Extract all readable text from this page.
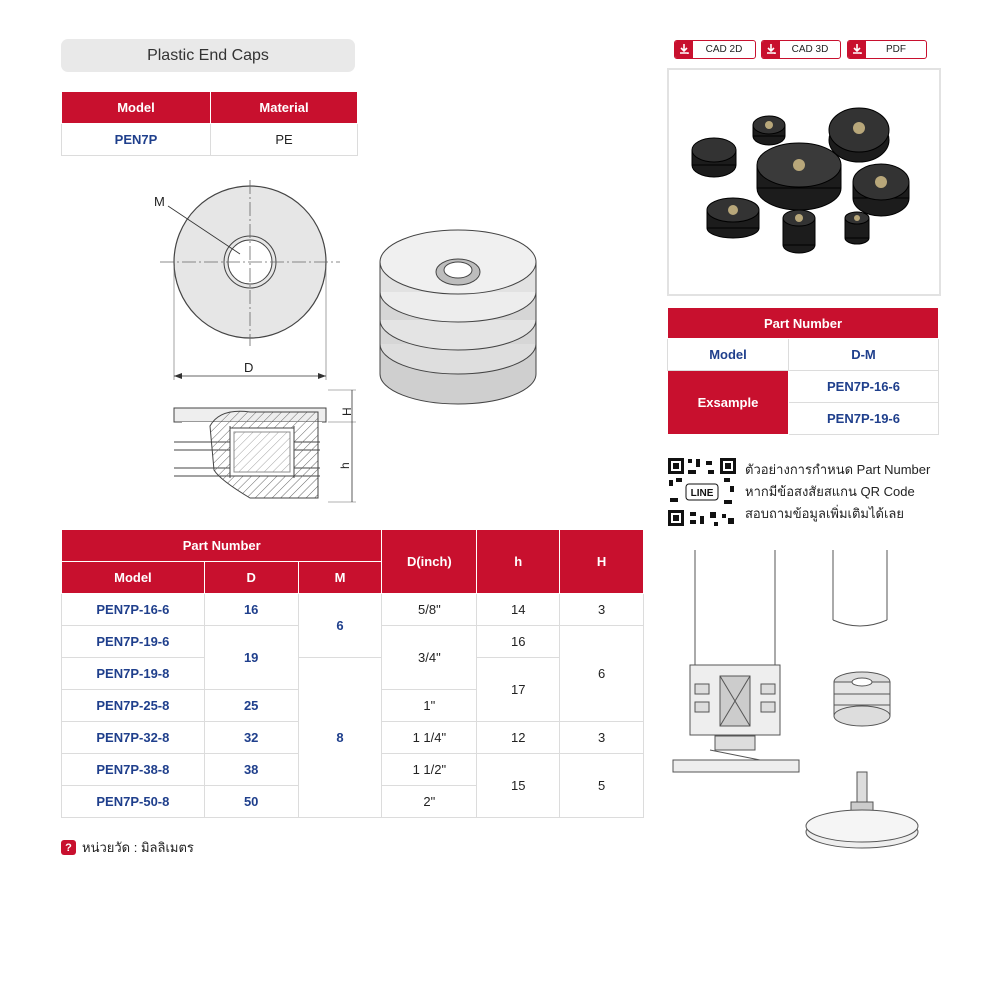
Plastic End Caps
Model	Material
PEN7P	PE
M
D
H
h
CAD 2D	CAD 3D	PDF
Part Number	
Model	D-M
Exsample	PEN7P-16-6
	PEN7P-19-6
LINE
ตัวอย่างการกำหนด Part Number
หากมีข้อสงสัยสแกน QR Code
สอบถามข้อมูลเพิ่มเติมได้เลย
Part Number			D(inch)	h	H
Model	D	M			
PEN7P-16-6	16	6	5/8"	14	3
PEN7P-19-6	19		3/4"	16	6
PEN7P-19-8		8		17	
PEN7P-25-8	25		1"		
PEN7P-32-8	32		1 1/4"	12	3
PEN7P-38-8	38		1 1/2"	15	5
PEN7P-50-8	50		2"		
? หน่วยวัด : มิลลิเมตร
